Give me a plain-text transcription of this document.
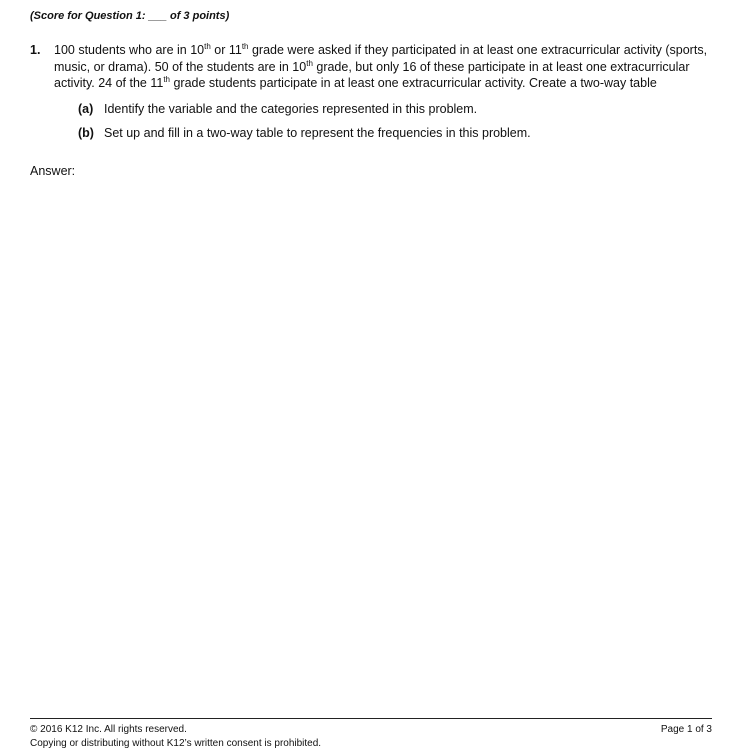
(Score for Question 1: ___ of 3 points)
1. 100 students who are in 10th or 11th grade were asked if they participated in at least one extracurricular activity (sports, music, or drama). 50 of the students are in 10th grade, but only 16 of these participate in at least one extracurricular activity. 24 of the 11th grade students participate in at least one extracurricular activity. Create a two-way table
(a) Identify the variable and the categories represented in this problem.
(b) Set up and fill in a two-way table to represent the frequencies in this problem.
Answer:
© 2016 K12 Inc. All rights reserved.
Copying or distributing without K12’s written consent is prohibited.
Page 1 of 3
